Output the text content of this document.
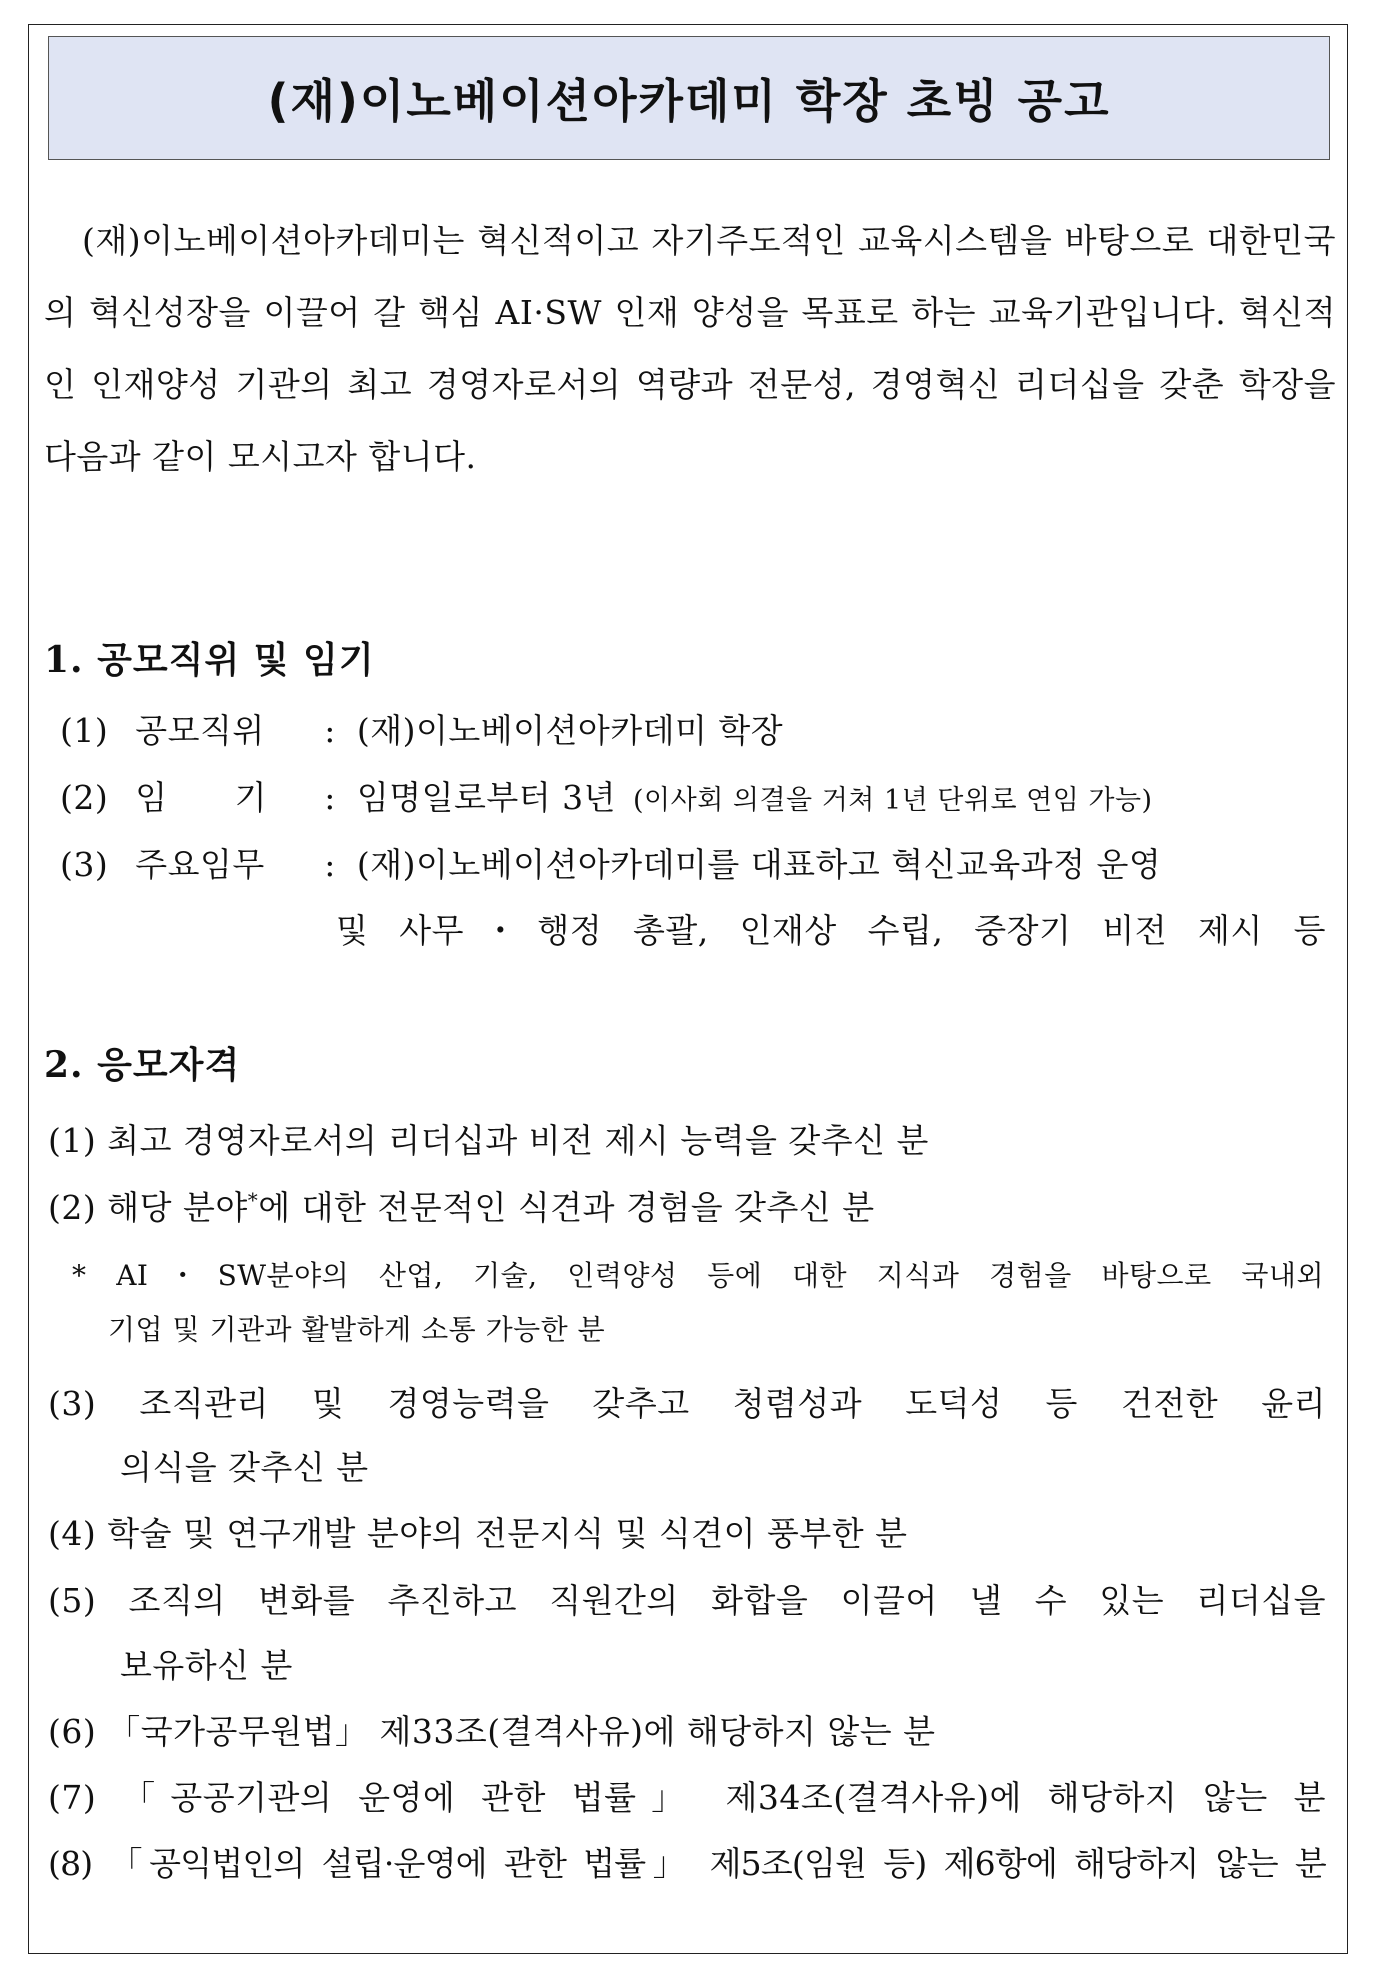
(재)이노베이션아카데미 학장 초빙 공고

(재)이노베이션아카데미는 혁신적이고 자기주도적인 교육시스템을 바탕으로 대한민국의 혁신성장을 이끌어 갈 핵심 AI·SW 인재 양성을 목표로 하는 교육기관입니다. 혁신적인 인재양성 기관의 최고 경영자로서의 역량과 전문성, 경영혁신 리더십을 갖춘 학장을 다음과 같이 모시고자 합니다.

1. 공모직위 및 임기
(1) 공모직위 : (재)이노베이션아카데미 학장
(2) 임　　기 : 임명일로부터 3년 (이사회 의결을 거쳐 1년 단위로 연임 가능)
(3) 주요임무 : (재)이노베이션아카데미를 대표하고 혁신교육과정 운영
및 사무・행정 총괄, 인재상 수립, 중장기 비전 제시 등
2. 응모자격
(1) 최고 경영자로서의 리더십과 비전 제시 능력을 갖추신 분
(2) 해당 분야*에 대한 전문적인 식견과 경험을 갖추신 분
* AI・SW분야의 산업, 기술, 인력양성 등에 대한 지식과 경험을 바탕으로 국내외
기업 및 기관과 활발하게 소통 가능한 분
(3) 조직관리 및 경영능력을 갖추고 청렴성과 도덕성 등 건전한 윤리
의식을 갖추신 분
(4) 학술 및 연구개발 분야의 전문지식 및 식견이 풍부한 분
(5) 조직의 변화를 추진하고 직원간의 화합을 이끌어 낼 수 있는 리더십을
보유하신 분
(6) 「국가공무원법」 제33조(결격사유)에 해당하지 않는 분
(7) 「공공기관의 운영에 관한 법률」 제34조(결격사유)에 해당하지 않는 분
(8) 「공익법인의 설립·운영에 관한 법률」 제5조(임원 등) 제6항에 해당하지 않는 분
